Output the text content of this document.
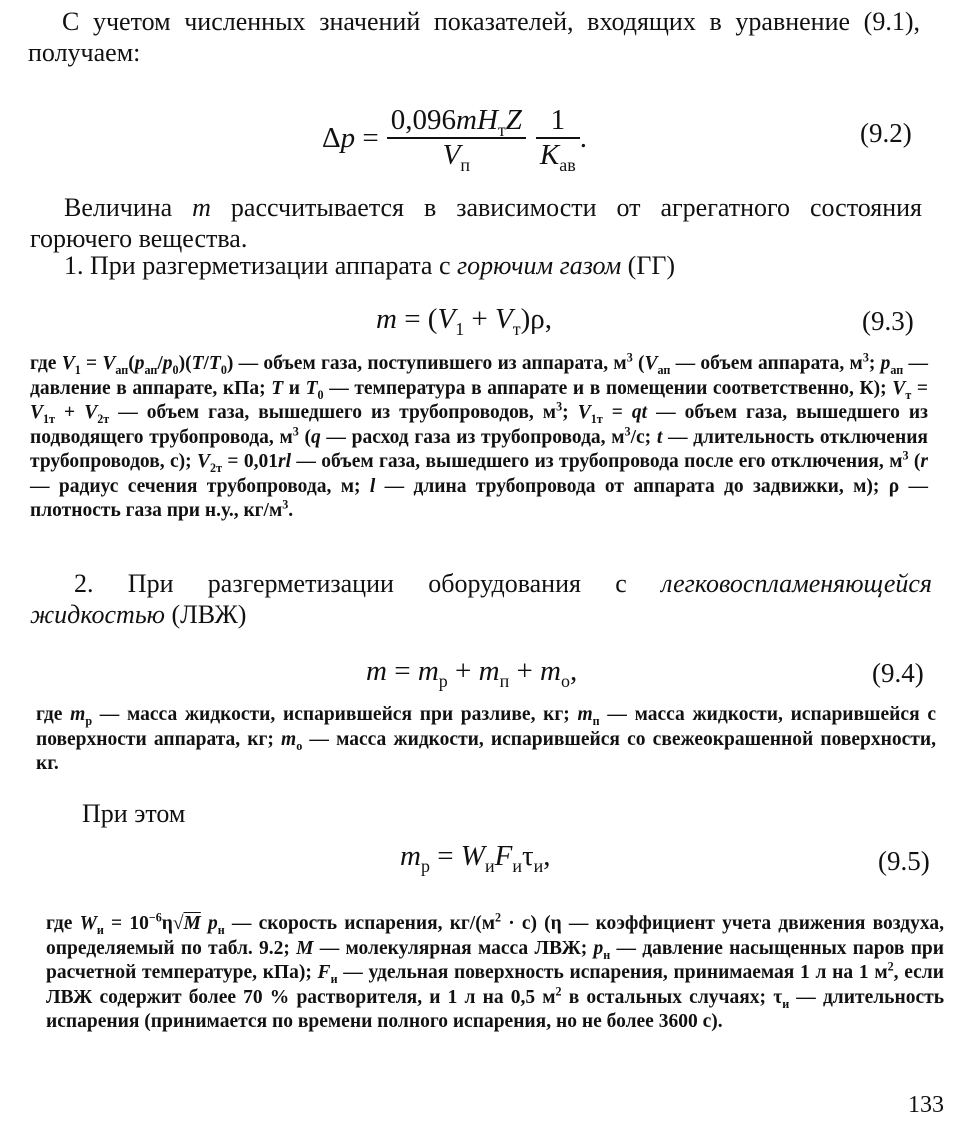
С учетом численных значений показателей, входящих в уравнение (9.1), получаем:

$\Delta p = \frac{0,096mH_тZ}{V_п} \frac{1}{K_{ав}}$ .	(9.2)

Величина m рассчитывается в зависимости от агрегатного состояния горючего вещества.

1. При разгерметизации аппарата с горючим газом (ГГ)

$m = (V_1 + V_т)\rho$,	(9.3)

где $V_1 = V_{ап}(p_{ап}/p_0)(T/T_0)$ — объем газа, поступившего из аппарата, $м^3$ ($V_{ап}$ — объем аппарата, $м^3$; $p_{ап}$ — давление в аппарате, кПа; T и $T_0$ — температура в аппарате и в помещении соответственно, К); $V_т = V_{1т} + V_{2т}$ — объем газа, вышедшего из трубопроводов, $м^3$; $V_{1т}$ = qt — объем газа, вышедшего из подводящего трубопровода, $м^3$ (q — расход газа из трубопровода, $м^3/с$; t — длительность отключения трубопроводов, с); $V_{2т} = 0,01rl$ — объем газа, вышедшего из трубопровода после его отключения, $м^3$ (r — радиус сечения трубопровода, м; l — длина трубопровода от аппарата до задвижки, м); ρ — плотность газа при н.у., $кг/м^3$.

2. При разгерметизации оборудования с легковоспламеняющейся жидкостью (ЛВЖ)

$m = m_р + m_п + m_о$,	(9.4)

где $m_р$ — масса жидкости, испарившейся при разливе, кг; $m_п$ — масса жидкости, испарившейся с поверхности аппарата, кг; $m_о$ — масса жидкости, испарившейся со свежеокрашенной поверхности, кг.

При этом

$m_р = W_иF_и\tau_и$,	(9.5)

где $W_и = 10^{-6}\eta√M$ $p_н$ — скорость испарения, $кг/(м^2 \cdot с)$ (η — коэффициент учета движения воздуха, определяемый по табл. 9.2; M — молекулярная масса ЛВЖ; $p_н$ — давление насыщенных паров при расчетной температуре, кПа); $F_и$ — удельная поверхность испарения, принимаемая 1 л на 1 $м^2$, если ЛВЖ содержит более 70 % растворителя, и 1 л на 0,5 $м^2$ в остальных случаях; $\tau_и$ — длительность испарения (принимается по времени полного испарения, но не более 3600 с).

133
